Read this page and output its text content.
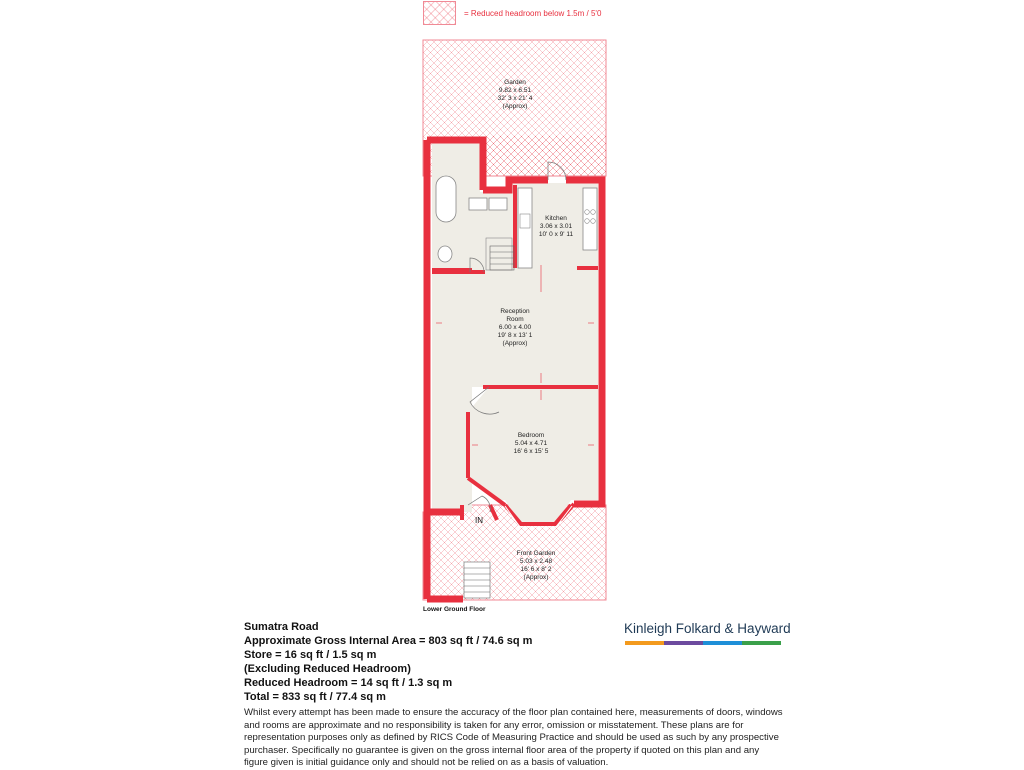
= Reduced headroom below 1.5m / 5'0
Garden
9.82 x 6.51
32' 3 x 21' 4
(Approx)
Kitchen
3.06 x 3.01
10' 0 x 9' 11
Reception
Room
6.00 x 4.00
19' 8 x 13' 1
(Approx)
Bedroom
5.04 x 4.71
16' 6 x 15' 5
Front Garden
5.03 x 2.48
16' 6 x 8' 2
(Approx)
IN
Lower Ground Floor
Sumatra Road
Approximate Gross Internal Area = 803 sq ft / 74.6 sq m
Store = 16 sq ft / 1.5 sq m
(Excluding Reduced Headroom)
Reduced Headroom = 14 sq ft / 1.3 sq m
Total = 833 sq ft / 77.4 sq m
Whilst every attempt has been made to ensure the accuracy of the floor plan contained here, measurements of doors, windows and rooms are approximate and no responsibility is taken for any error, omission or misstatement. These plans are for representation purposes only as defined by RICS Code of Measuring Practice and should be used as such by any prospective purchaser. Specifically no guarantee is given on the gross internal floor area of the property if quoted on this plan and any figure given is initial guidance only and should not be relied on as a basis of valuation.
Kinleigh Folkard & Hayward
